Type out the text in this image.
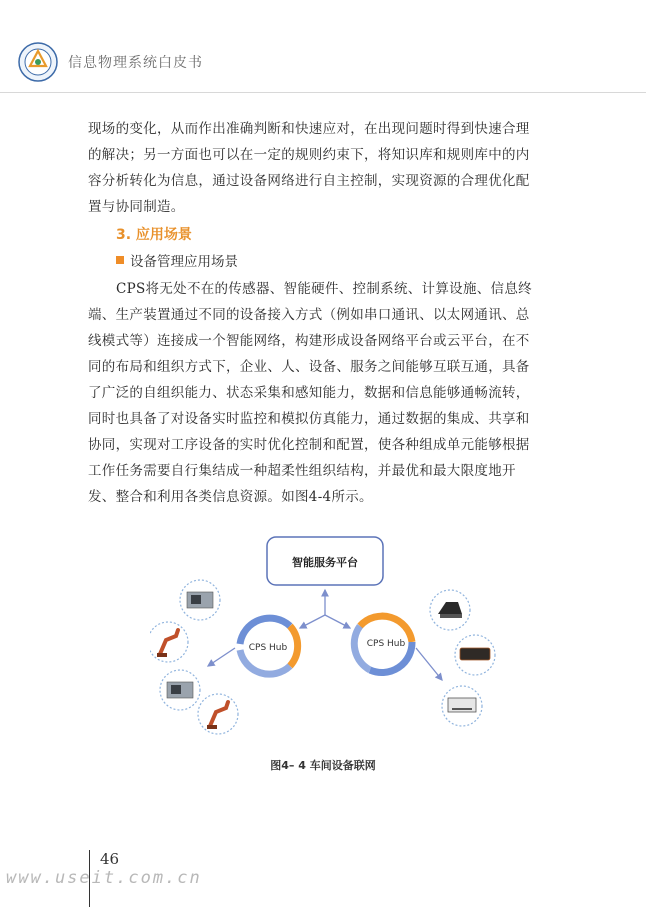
信息物理系统白皮书
现场的变化，从而作出准确判断和快速应对，在出现问题时得到快速合理
的解决；另一方面也可以在一定的规则约束下，将知识库和规则库中的内
容分析转化为信息，通过设备网络进行自主控制，实现资源的合理优化配
置与协同制造。
3. 应用场景
设备管理应用场景
CPS将无处不在的传感器、智能硬件、控制系统、计算设施、信息终
端、生产装置通过不同的设备接入方式（例如串口通讯、以太网通讯、总
线模式等）连接成一个智能网络，构建形成设备网络平台或云平台，在不
同的布局和组织方式下，企业、人、设备、服务之间能够互联互通，具备
了广泛的自组织能力、状态采集和感知能力，数据和信息能够通畅流转，
同时也具备了对设备实时监控和模拟仿真能力，通过数据的集成、共享和
协同，实现对工序设备的实时优化控制和配置，使各种组成单元能够根据
工作任务需要自行集结成一种超柔性组织结构，并最优和最大限度地开
发、整合和利用各类信息资源。如图4-4所示。
智能服务平台
CPS Hub	CPS Hub
图4– 4 车间设备联网
46
www.useit.com.cn
